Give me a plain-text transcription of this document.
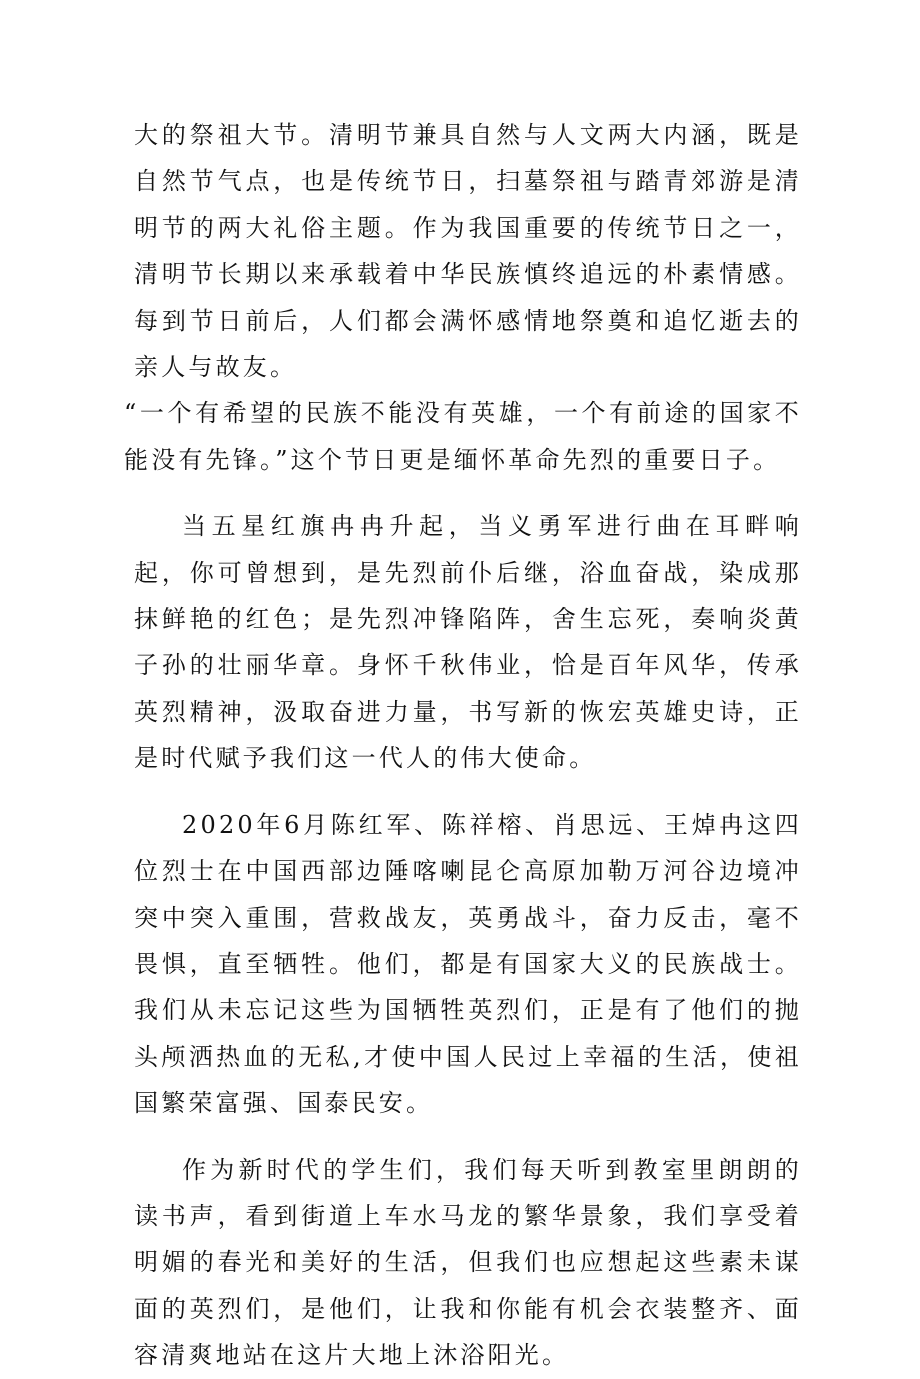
大的祭祖大节。清明节兼具自然与人文两大内涵，既是自然节气点，也是传统节日，扫墓祭祖与踏青郊游是清明节的两大礼俗主题。作为我国重要的传统节日之一，清明节长期以来承载着中华民族慎终追远的朴素情感。每到节日前后，人们都会满怀感情地祭奠和追忆逝去的亲人与故友。

“一个有希望的民族不能没有英雄，一个有前途的国家不能没有先锋。”这个节日更是缅怀革命先烈的重要日子。

当五星红旗冉冉升起，当义勇军进行曲在耳畔响起，你可曾想到，是先烈前仆后继，浴血奋战，染成那抹鲜艳的红色；是先烈冲锋陷阵，舍生忘死，奏响炎黄子孙的壮丽华章。身怀千秋伟业，恰是百年风华，传承英烈精神，汲取奋进力量，书写新的恢宏英雄史诗，正是时代赋予我们这一代人的伟大使命。

2020年6月陈红军、陈祥榕、肖思远、王焯冉这四位烈士在中国西部边陲喀喇昆仑高原加勒万河谷边境冲突中突入重围，营救战友，英勇战斗，奋力反击，毫不畏惧，直至牺牲。他们，都是有国家大义的民族战士。我们从未忘记这些为国牺牲英烈们，正是有了他们的抛头颅洒热血的无私,才使中国人民过上幸福的生活，使祖国繁荣富强、国泰民安。

作为新时代的学生们，我们每天听到教室里朗朗的读书声，看到街道上车水马龙的繁华景象，我们享受着明媚的春光和美好的生活，但我们也应想起这些素未谋面的英烈们，是他们，让我和你能有机会衣装整齐、面容清爽地站在这片大地上沐浴阳光。
